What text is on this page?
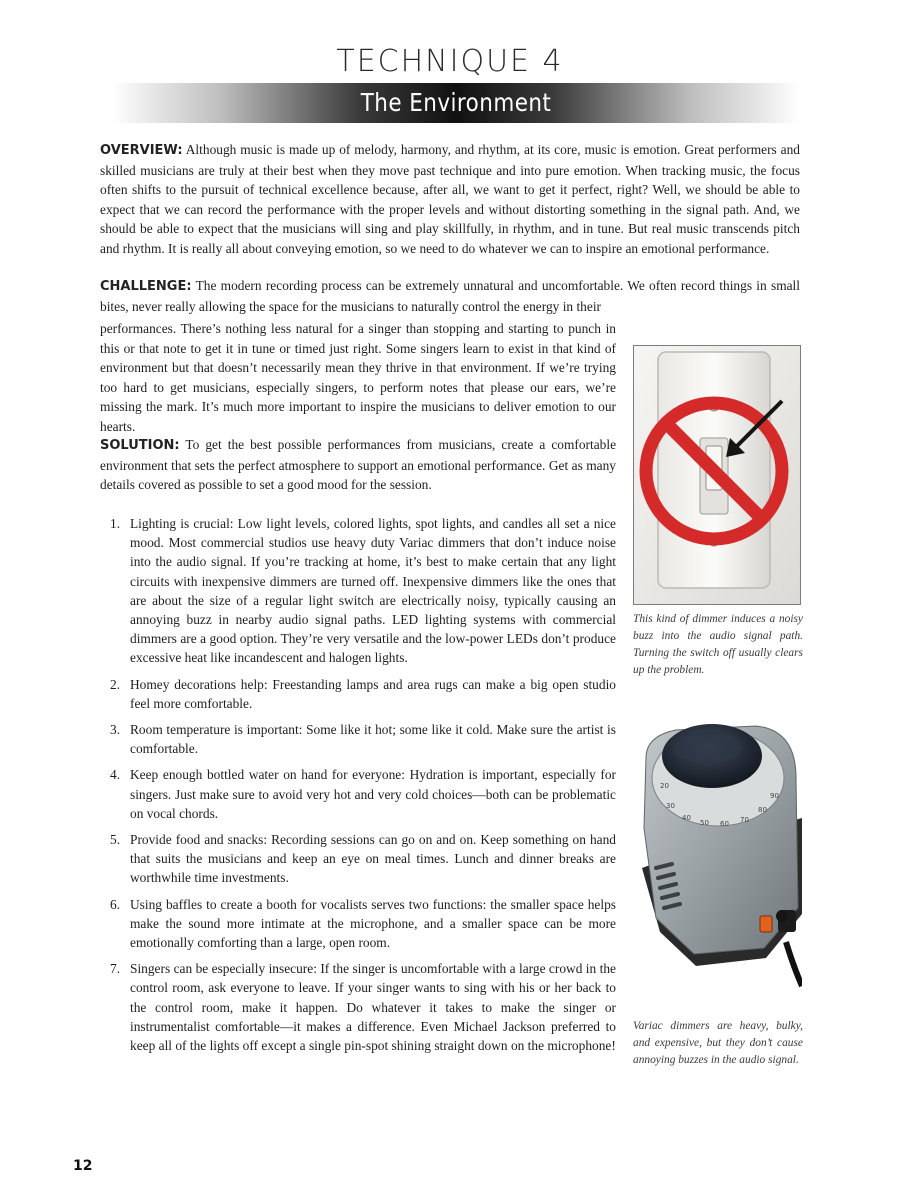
TECHNIQUE 4
The Environment

OVERVIEW: Although music is made up of melody, harmony, and rhythm, at its core, music is emotion. Great performers and skilled musicians are truly at their best when they move past technique and into pure emotion. When tracking music, the focus often shifts to the pursuit of technical excellence because, after all, we want to get it perfect, right? Well, we should be able to expect that we can record the performance with the proper levels and without distorting something in the signal path. And, we should be able to expect that the musicians will sing and play skillfully, in rhythm, and in tune. But real music transcends pitch and rhythm. It is really all about conveying emotion, so we need to do whatever we can to inspire an emotional performance.

CHALLENGE: The modern recording process can be extremely unnatural and uncomfortable. We often record things in small bites, never really allowing the space for the musicians to naturally control the energy in their

performances. There’s nothing less natural for a singer than stopping and starting to punch in this or that note to get it in tune or timed just right. Some singers learn to exist in that kind of environment but that doesn’t necessarily mean they thrive in that environment. If we’re trying too hard to get musicians, especially singers, to perform notes that please our ears, we’re missing the mark. It’s much more important to inspire the musicians to deliver emotion to our hearts.

SOLUTION: To get the best possible performances from musicians, create a comfortable environment that sets the perfect atmosphere to support an emotional performance. Get as many details covered as possible to set a good mood for the session.

1. Lighting is crucial: Low light levels, colored lights, spot lights, and candles all set a nice mood. Most commercial studios use heavy duty Variac dimmers that don’t induce noise into the audio signal. If you’re tracking at home, it’s best to make certain that any light circuits with inexpensive dimmers are turned off. Inexpensive dimmers like the ones that are about the size of a regular light switch are electrically noisy, typically causing an annoying buzz in nearby audio signal paths. LED lighting systems with commercial dimmers are a good option. They’re very versatile and the low-power LEDs don’t produce excessive heat like incandescent and halogen lights.
2. Homey decorations help: Freestanding lamps and area rugs can make a big open studio feel more comfortable.
3. Room temperature is important: Some like it hot; some like it cold. Make sure the artist is comfortable.
4. Keep enough bottled water on hand for everyone: Hydration is important, especially for singers. Just make sure to avoid very hot and very cold choices—both can be problematic on vocal chords.
5. Provide food and snacks: Recording sessions can go on and on. Keep something on hand that suits the musicians and keep an eye on meal times. Lunch and dinner breaks are worthwhile time investments.
6. Using baffles to create a booth for vocalists serves two functions: the smaller space helps make the sound more intimate at the microphone, and a smaller space can be more emotionally comforting than a large, open room.
7. Singers can be especially insecure: If the singer is uncomfortable with a large crowd in the control room, ask everyone to leave. If your singer wants to sing with his or her back to the control room, make it happen. Do whatever it takes to make the singer or instrumentalist comfortable—it makes a difference. Even Michael Jackson preferred to keep all of the lights off except a single pin-spot shining straight down on the microphone!
This kind of dimmer induces a noisy buzz into the audio signal path. Turning the switch off usually clears up the problem.
20
30
40
50 60 70
80
90
Variac dimmers are heavy, bulky, and expensive, but they don’t cause annoying buzzes in the audio signal.
12
